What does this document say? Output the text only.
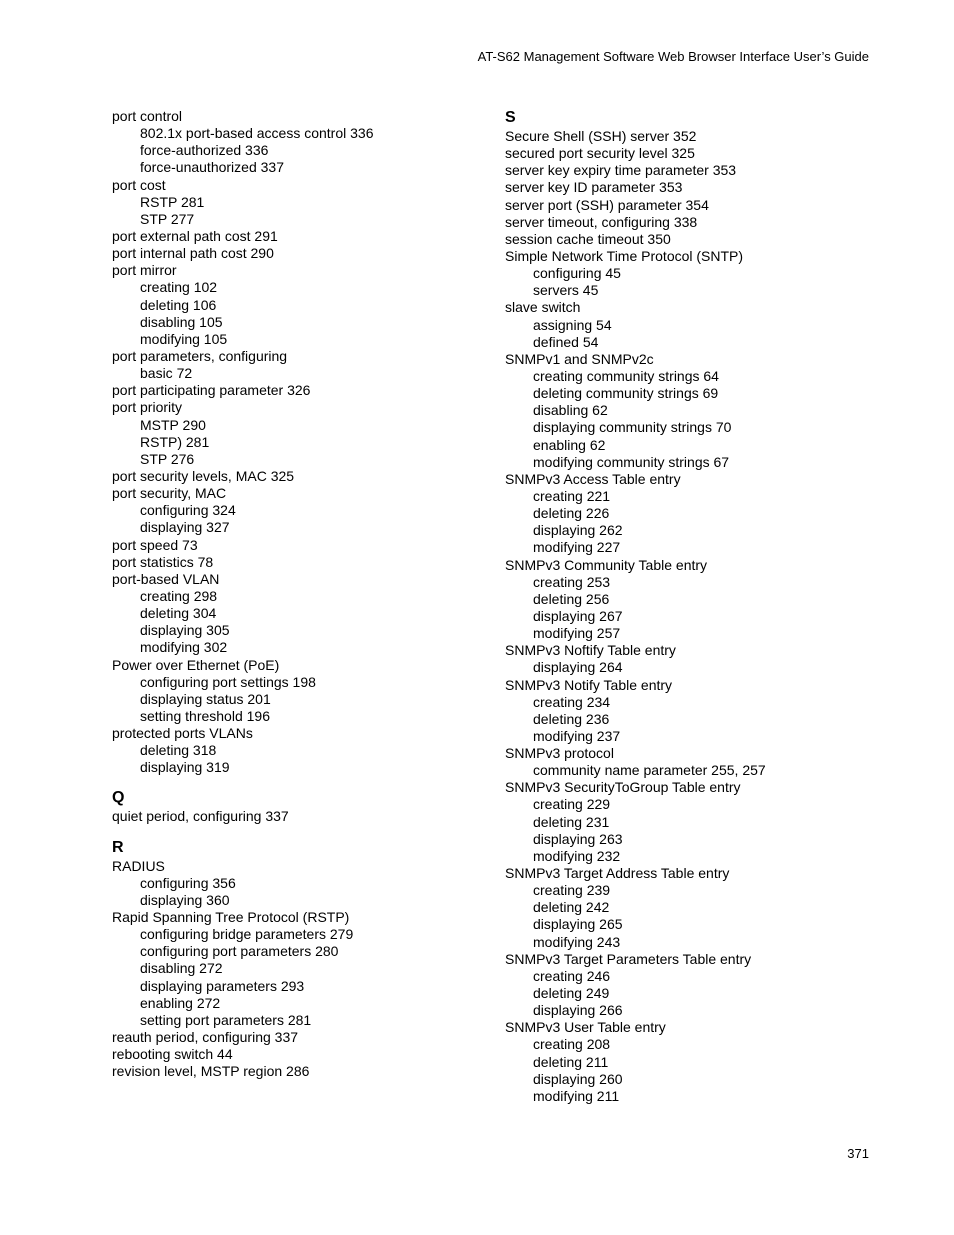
AT-S62 Management Software Web Browser Interface User’s Guide
port control
802.1x port-based access control 336
force-authorized 336
force-unauthorized 337
port cost
RSTP 281
STP 277
port external path cost 291
port internal path cost 290
port mirror
creating 102
deleting 106
disabling 105
modifying 105
port parameters, configuring
basic 72
port participating parameter 326
port priority
MSTP 290
RSTP) 281
STP 276
port security levels, MAC 325
port security, MAC
configuring 324
displaying 327
port speed 73
port statistics 78
port-based VLAN
creating 298
deleting 304
displaying 305
modifying 302
Power over Ethernet (PoE)
configuring port settings 198
displaying status 201
setting threshold 196
protected ports VLANs
deleting 318
displaying 319
Q
quiet period, configuring 337
R
RADIUS
configuring 356
displaying 360
Rapid Spanning Tree Protocol (RSTP)
configuring bridge parameters 279
configuring port parameters 280
disabling 272
displaying parameters 293
enabling 272
setting port parameters 281
reauth period, configuring 337
rebooting switch 44
revision level, MSTP region 286
S
Secure Shell (SSH) server 352
secured port security level 325
server key expiry time parameter 353
server key ID parameter 353
server port (SSH) parameter 354
server timeout, configuring 338
session cache timeout 350
Simple Network Time Protocol (SNTP)
configuring 45
servers 45
slave switch
assigning 54
defined 54
SNMPv1 and SNMPv2c
creating community strings 64
deleting community strings 69
disabling 62
displaying community strings 70
enabling 62
modifying community strings 67
SNMPv3 Access Table entry
creating 221
deleting 226
displaying 262
modifying 227
SNMPv3 Community Table entry
creating 253
deleting 256
displaying 267
modifying 257
SNMPv3 Noftify Table entry
displaying 264
SNMPv3 Notify Table entry
creating 234
deleting 236
modifying 237
SNMPv3 protocol
community name parameter 255, 257
SNMPv3 SecurityToGroup Table entry
creating 229
deleting 231
displaying 263
modifying 232
SNMPv3 Target Address Table entry
creating 239
deleting 242
displaying 265
modifying 243
SNMPv3 Target Parameters Table entry
creating 246
deleting 249
displaying 266
SNMPv3 User Table entry
creating 208
deleting 211
displaying 260
modifying 211
371
